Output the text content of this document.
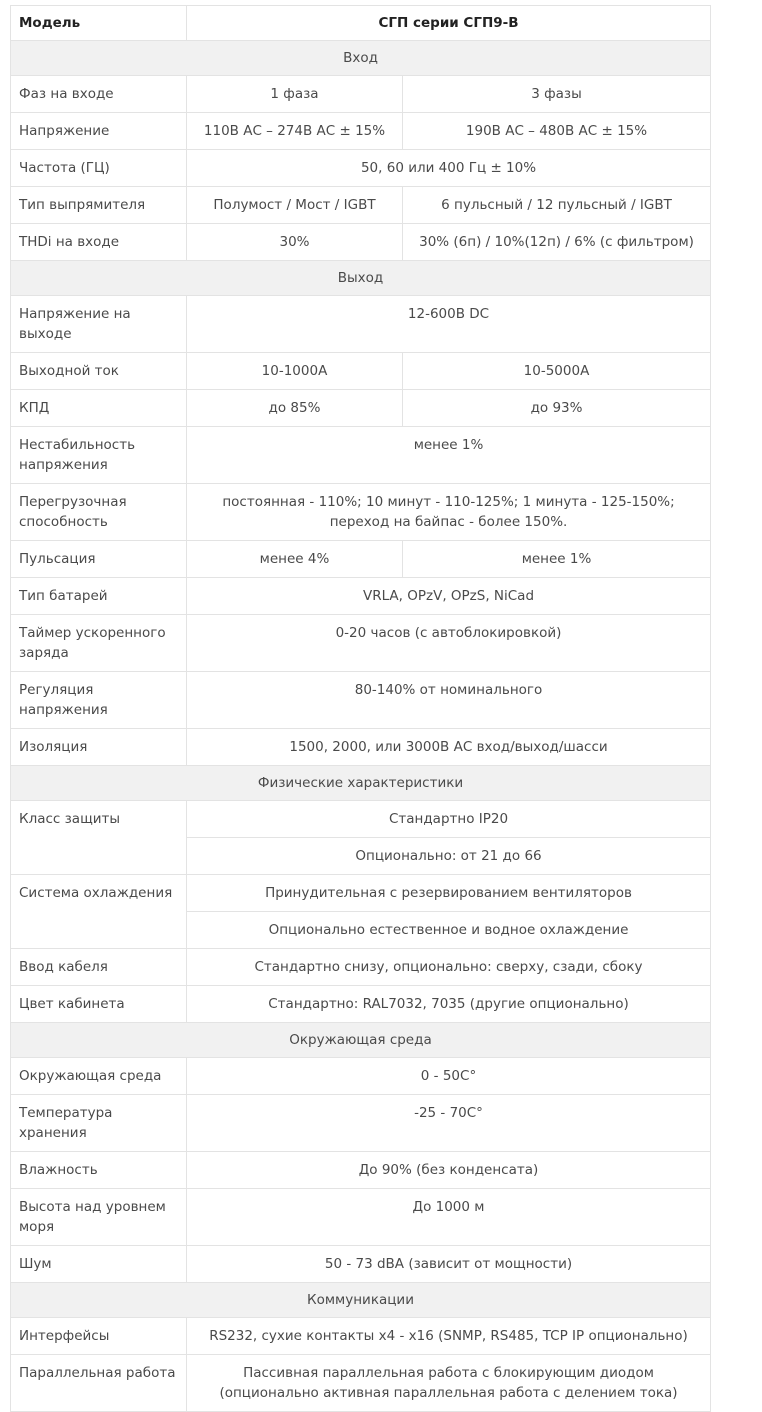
Модель	СГП серии СГП9-В	
Вход		
Фаз на входе	1 фаза	3 фазы
Напряжение	110В АС – 274В АС ± 15%	190В АС – 480В АС ± 15%
Частота (ГЦ)	50, 60 или 400 Гц ± 10%	
Тип выпрямителя	Полумост / Мост / IGBT	6 пульсный / 12 пульсный / IGBT
THDi на входе	30%	30% (6п) / 10%(12п) / 6% (с фильтром)
Выход		
Напряжение на выходе	12-600В DC	
Выходной ток	10-1000А	10-5000А
КПД	до 85%	до 93%
Нестабильность напряжения	менее 1%	
Перегрузочная способность	постоянная - 110%; 10 минут - 110-125%; 1 минута - 125-150%; переход на байпас - более 150%.	
Пульсация	менее 4%	менее 1%
Тип батарей	VRLA, OPzV, OPzS, NiCad	
Таймер ускоренного заряда	0-20 часов (с автоблокировкой)	
Регуляция напряжения	80-140% от номинального	
Изоляция	1500, 2000, или 3000В АС вход/выход/шасси	
Физические характеристики		
Класс защиты	Стандартно IP20	
	Опционально: от 21 до 66	
Система охлаждения	Принудительная с резервированием вентиляторов	
	Опционально естественное и водное охлаждение	
Ввод кабеля	Стандартно снизу, опционально: сверху, сзади, сбоку	
Цвет кабинета	Стандартно: RAL7032, 7035 (другие опционально)	
Окружающая среда		
Окружающая среда	0 - 50С°	
Температура хранения	-25 - 70С°	
Влажность	До 90% (без конденсата)	
Высота над уровнем моря	До 1000 м	
Шум	50 - 73 dBA (зависит от мощности)	
Коммуникации		
Интерфейсы	RS232, сухие контакты x4 - x16 (SNMP, RS485, TCP IP опционально)	
Параллельная работа	Пассивная параллельная работа с блокирующим диодом (опционально активная параллельная работа с делением тока)	
